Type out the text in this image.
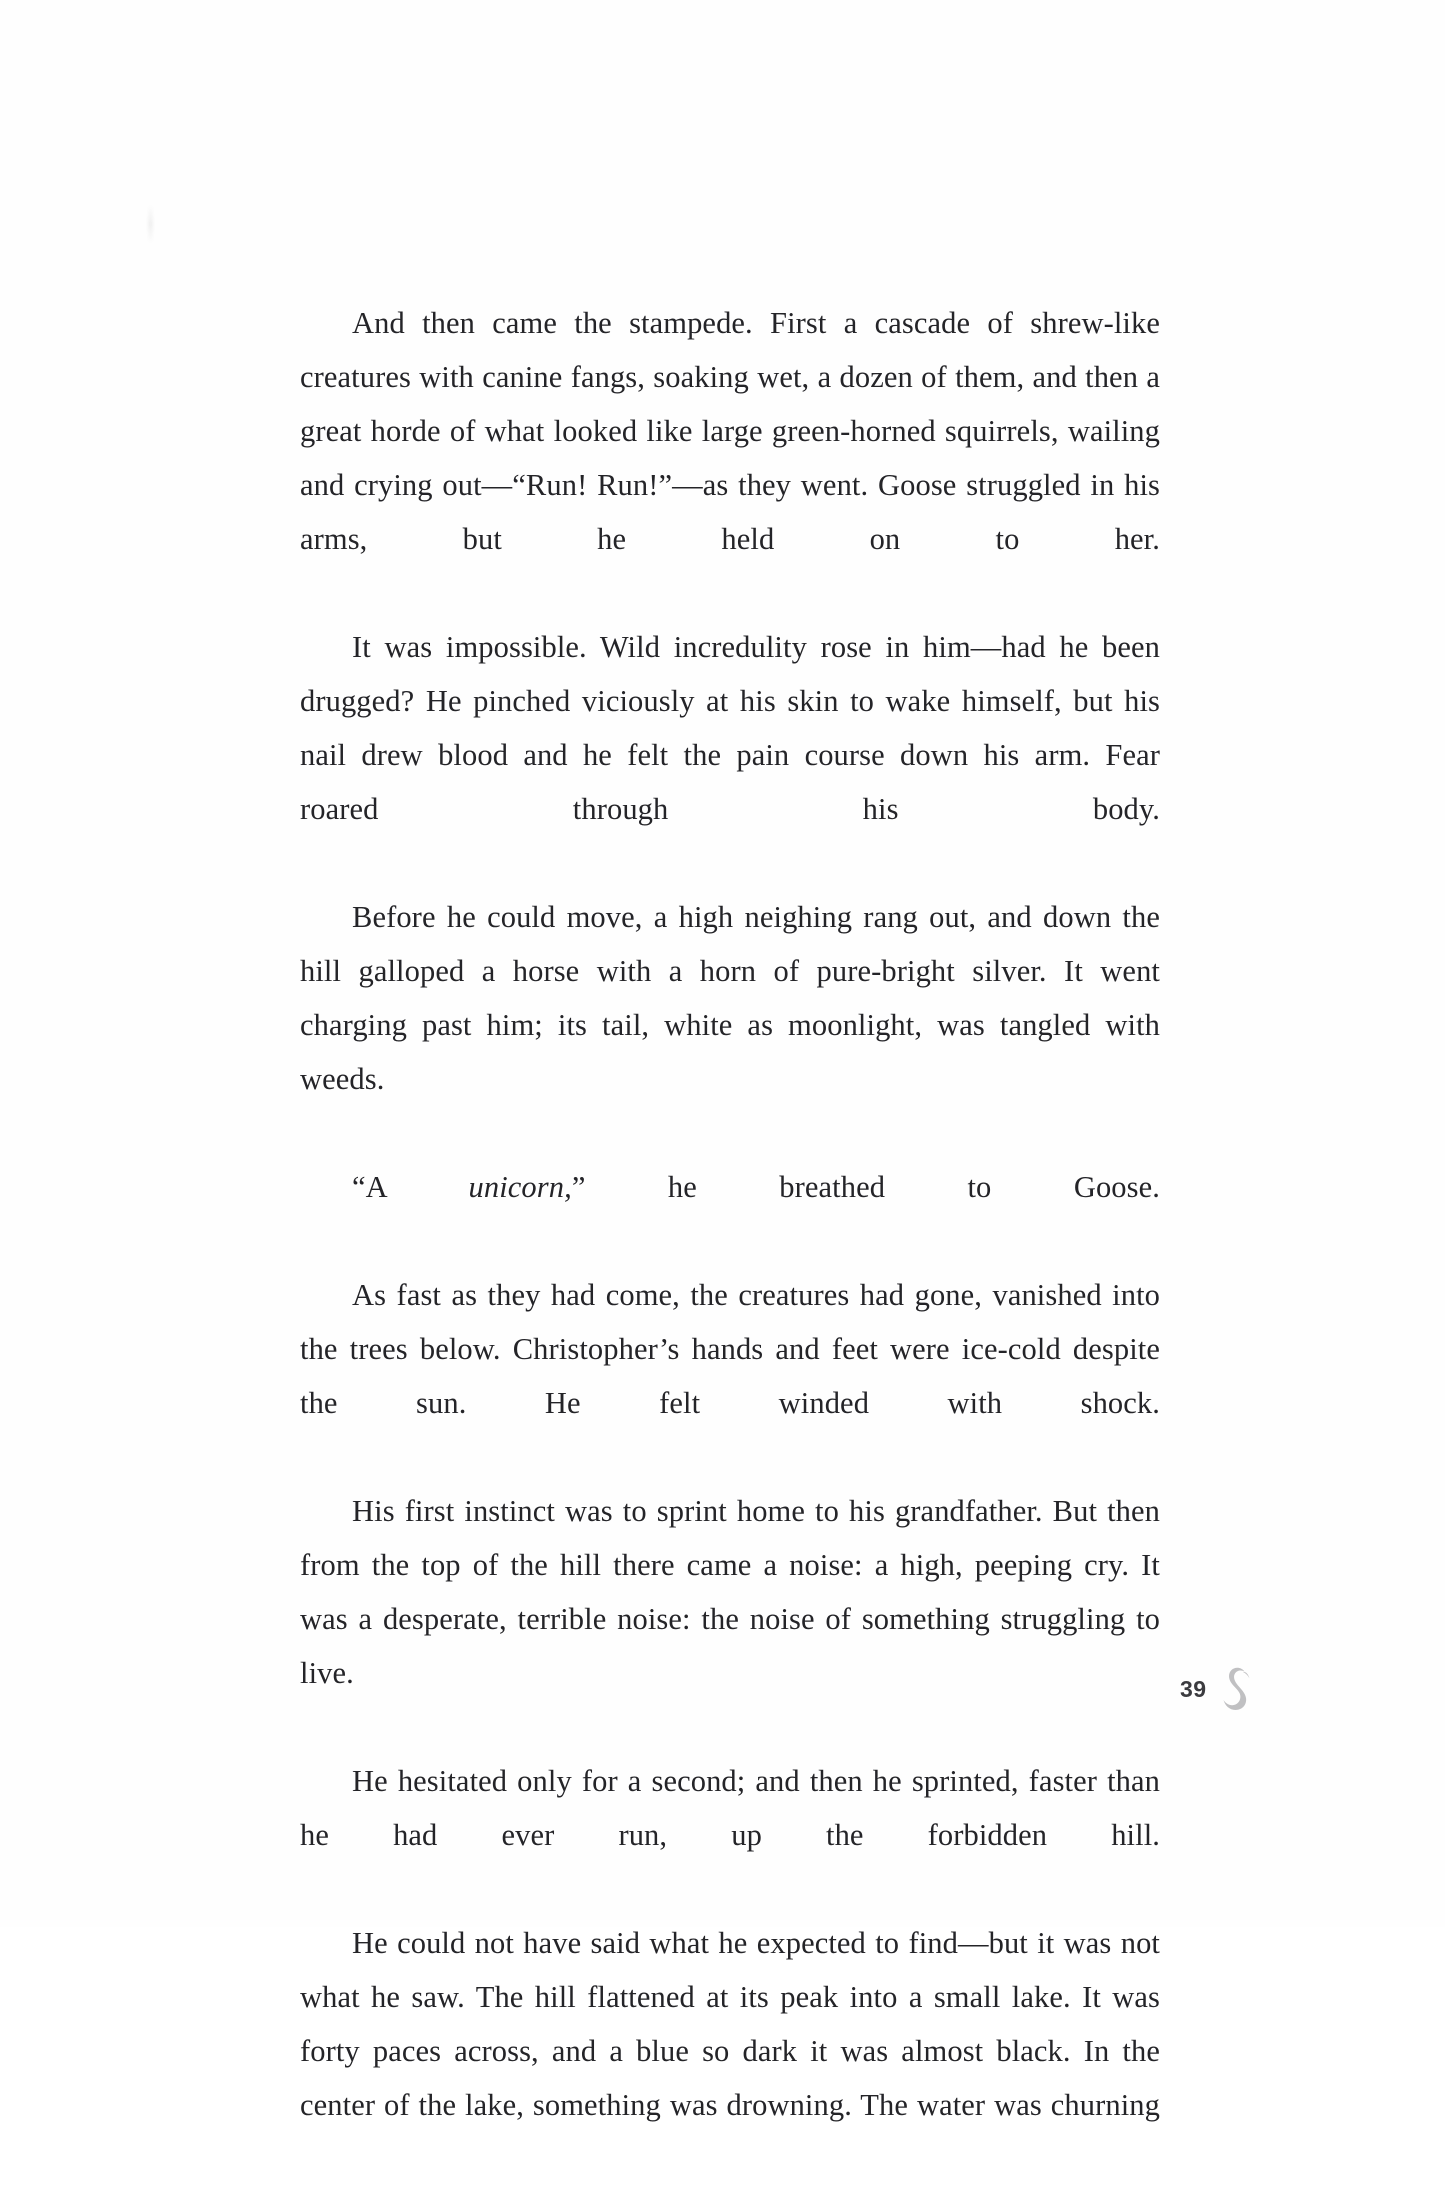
And then came the stampede. First a cascade of shrew-like creatures with canine fangs, soaking wet, a dozen of them, and then a great horde of what looked like large green-horned squirrels, wailing and crying out—“Run! Run!”—as they went. Goose struggled in his arms, but he held on to her.

It was impossible. Wild incredulity rose in him—had he been drugged? He pinched viciously at his skin to wake himself, but his nail drew blood and he felt the pain course down his arm. Fear roared through his body.

Before he could move, a high neighing rang out, and down the hill galloped a horse with a horn of pure-bright silver. It went charging past him; its tail, white as moonlight, was tangled with weeds.

“A unicorn,” he breathed to Goose.

As fast as they had come, the creatures had gone, vanished into the trees below. Christopher’s hands and feet were ice-cold despite the sun. He felt winded with shock.

His first instinct was to sprint home to his grandfather. But then from the top of the hill there came a noise: a high, peeping cry. It was a desperate, terrible noise: the noise of something struggling to live.

He hesitated only for a second; and then he sprinted, faster than he had ever run, up the forbidden hill.

He could not have said what he expected to find—but it was not what he saw. The hill flattened at its peak into a small lake. It was forty paces across, and a blue so dark it was almost black. In the center of the lake, something was drowning. The water was churning

39
